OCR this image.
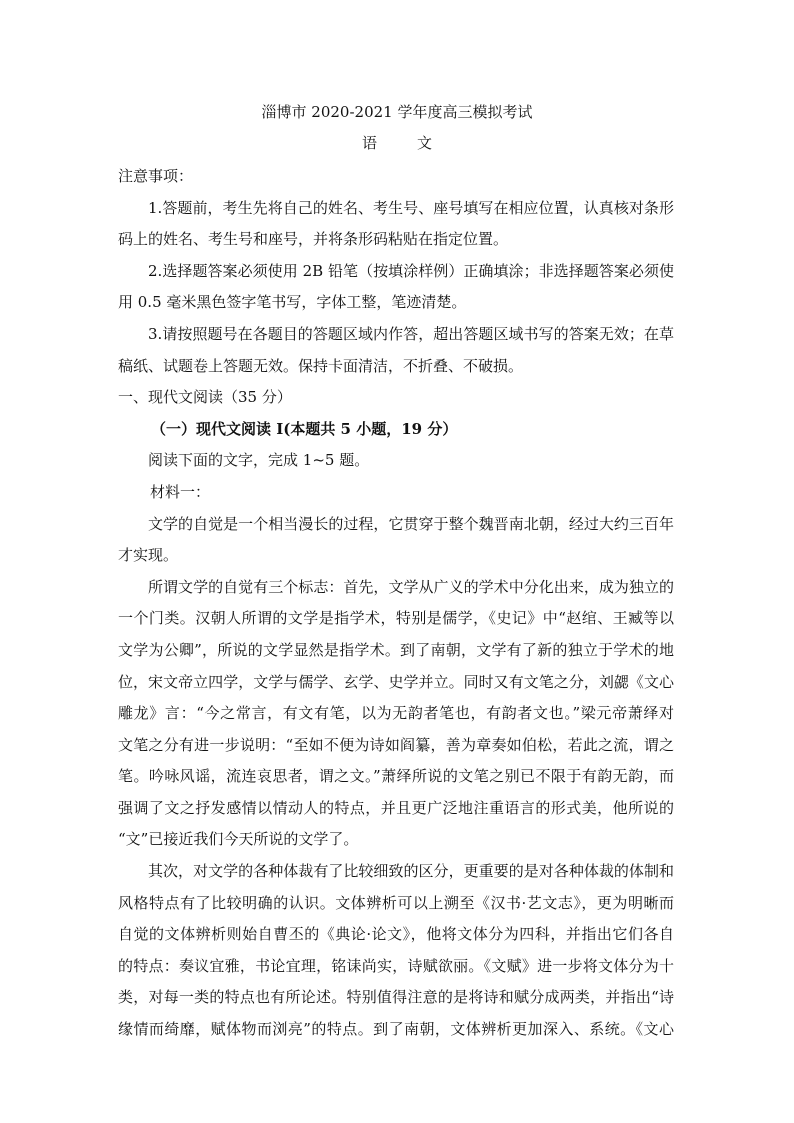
淄博市 2020-2021 学年度高三模拟考试
语	文

注意事项：

1.答题前，考生先将自己的姓名、考生号、座号填写在相应位置，认真核对条形

码上的姓名、考生号和座号，并将条形码粘贴在指定位置。

2.选择题答案必须使用 2B 铅笔（按填涂样例）正确填涂；非选择题答案必须使

用 0.5 毫米黑色签字笔书写，字体工整，笔迹清楚。

3.请按照题号在各题目的答题区域内作答，超出答题区域书写的答案无效；在草

稿纸、试题卷上答题无效。保持卡面清洁，不折叠、不破损。

一、现代文阅读（35 分）

（一）现代文阅读 I(本题共 5 小题，19 分）

阅读下面的文字，完成 1~5 题。

材料一：

文学的自觉是一个相当漫长的过程，它贯穿于整个魏晋南北朝，经过大约三百年

才实现。

所谓文学的自觉有三个标志：首先，文学从广义的学术中分化出来，成为独立的

一个门类。汉朝人所谓的文学是指学术，特别是儒学，《史记》中“赵绾、王臧等以

文学为公卿”，所说的文学显然是指学术。到了南朝，文学有了新的独立于学术的地

位，宋文帝立四学，文学与儒学、玄学、史学并立。同时又有文笔之分，刘勰《文心

雕龙》言：“今之常言，有文有笔，以为无韵者笔也，有韵者文也。”梁元帝萧绎对

文笔之分有进一步说明：“至如不便为诗如阎纂，善为章奏如伯松，若此之流，谓之

笔。吟咏风谣，流连哀思者，谓之文。”萧绎所说的文笔之别已不限于有韵无韵，而

强调了文之抒发感情以情动人的特点，并且更广泛地注重语言的形式美，他所说的

“文”已接近我们今天所说的文学了。

其次，对文学的各种体裁有了比较细致的区分，更重要的是对各种体裁的体制和

风格特点有了比较明确的认识。文体辨析可以上溯至《汉书·艺文志》，更为明晰而

自觉的文体辨析则始自曹丕的《典论·论文》，他将文体分为四科，并指出它们各自

的特点：奏议宜雅，书论宜理，铭诔尚实，诗赋欲丽。《文赋》进一步将文体分为十

类，对每一类的特点也有所论述。特别值得注意的是将诗和赋分成两类，并指出“诗

缘情而绮靡，赋体物而浏亮”的特点。到了南朝，文体辨析更加深入、系统。《文心
